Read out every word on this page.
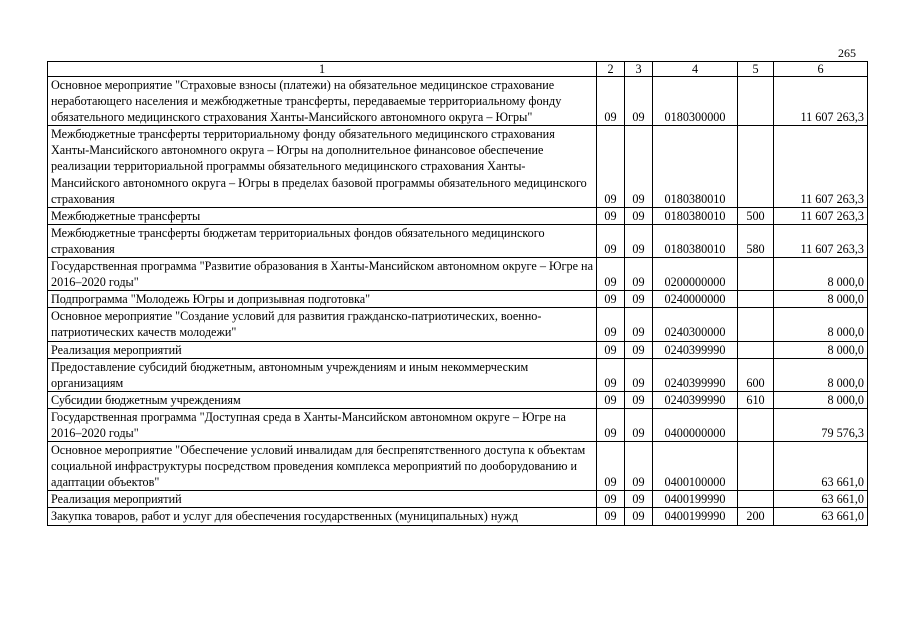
265
1	2	3	4	5	6
Основное мероприятие "Страховые взносы (платежи) на обязательное медицинское страхование неработающего населения и межбюджетные трансферты, передаваемые территориальному фонду обязательного медицинского страхования Ханты-Мансийского автономного округа – Югры"	09	09	0180300000		11 607 263,3
Межбюджетные трансферты территориальному фонду обязательного медицинского страхования Ханты-Мансийского автономного округа – Югры на дополнительное финансовое обеспечение реализации территориальной программы обязательного медицинского страхования Ханты-Мансийского автономного округа – Югры в пределах базовой программы обязательного медицинского страхования	09	09	0180380010		11 607 263,3
Межбюджетные трансферты	09	09	0180380010	500	11 607 263,3
Межбюджетные трансферты бюджетам территориальных фондов обязательного медицинского страхования	09	09	0180380010	580	11 607 263,3
Государственная программа "Развитие образования в Ханты-Мансийском автономном округе – Югре на 2016–2020 годы"	09	09	0200000000		8 000,0
Подпрограмма "Молодежь Югры и допризывная подготовка"	09	09	0240000000		8 000,0
Основное мероприятие "Создание условий для развития гражданско-патриотических, военно-патриотических качеств молодежи"	09	09	0240300000		8 000,0
Реализация мероприятий	09	09	0240399990		8 000,0
Предоставление субсидий бюджетным, автономным учреждениям и иным некоммерческим организациям	09	09	0240399990	600	8 000,0
Субсидии бюджетным учреждениям	09	09	0240399990	610	8 000,0
Государственная программа "Доступная среда в Ханты-Мансийском автономном округе – Югре на 2016–2020 годы"	09	09	0400000000		79 576,3
Основное мероприятие "Обеспечение условий инвалидам для беспрепятственного доступа к объектам социальной инфраструктуры посредством проведения комплекса мероприятий по дооборудованию и адаптации объектов"	09	09	0400100000		63 661,0
Реализация мероприятий	09	09	0400199990		63 661,0
Закупка товаров, работ и услуг для обеспечения государственных (муниципальных) нужд	09	09	0400199990	200	63 661,0
